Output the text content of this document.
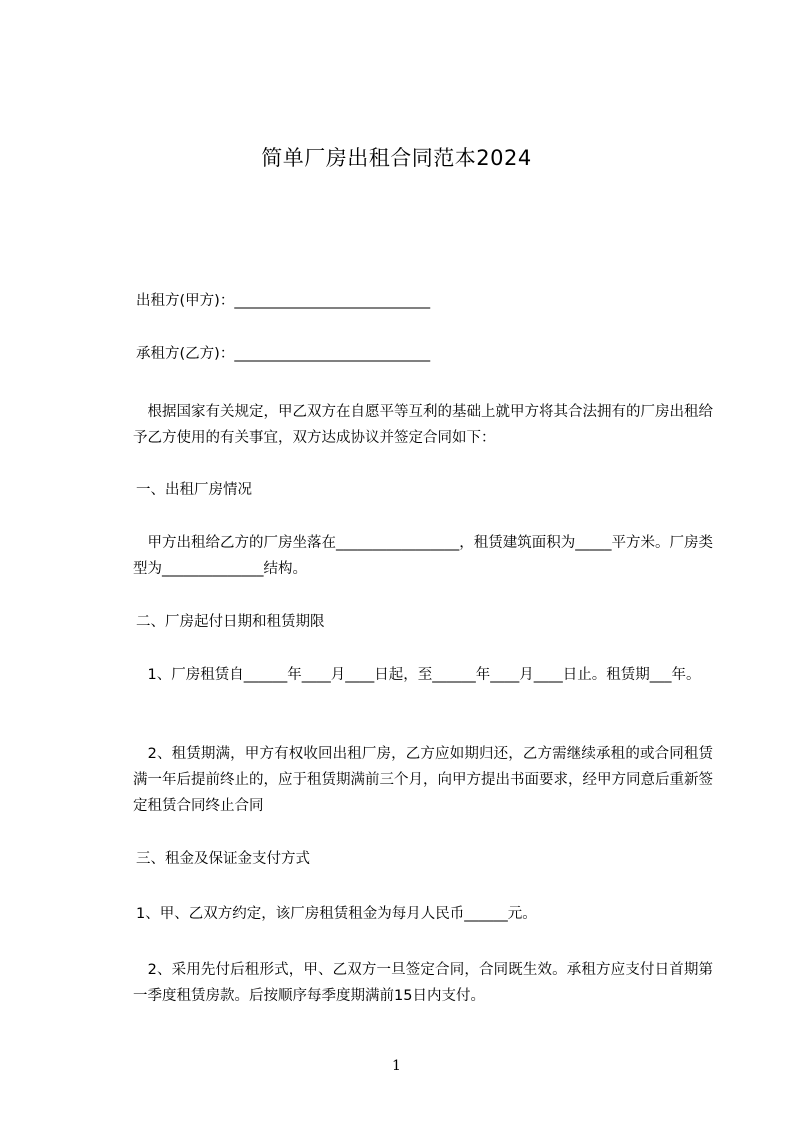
简单厂房出租合同范本2024
出租方(甲方)：___________________________
承租方(乙方)：___________________________
　根据国家有关规定，甲乙双方在自愿平等互利的基础上就甲方将其合法拥有的厂房出租给予乙方使用的有关事宜，双方达成协议并签定合同如下：
一、出租厂房情况
　甲方出租给乙方的厂房坐落在_________________，租赁建筑面积为_____平方米。厂房类型为______________结构。
二、厂房起付日期和租赁期限
　1、厂房租赁自______年____月____日起，至______年____月____日止。租赁期___年。
　2、租赁期满，甲方有权收回出租厂房，乙方应如期归还，乙方需继续承租的或合同租赁满一年后提前终止的，应于租赁期满前三个月，向甲方提出书面要求，经甲方同意后重新签定租赁合同终止合同
三、租金及保证金支付方式
1、甲、乙双方约定，该厂房租赁租金为每月人民币______元。
　2、采用先付后租形式，甲、乙双方一旦签定合同，合同既生效。承租方应支付日首期第一季度租赁房款。后按顺序每季度期满前15日内支付。
1
